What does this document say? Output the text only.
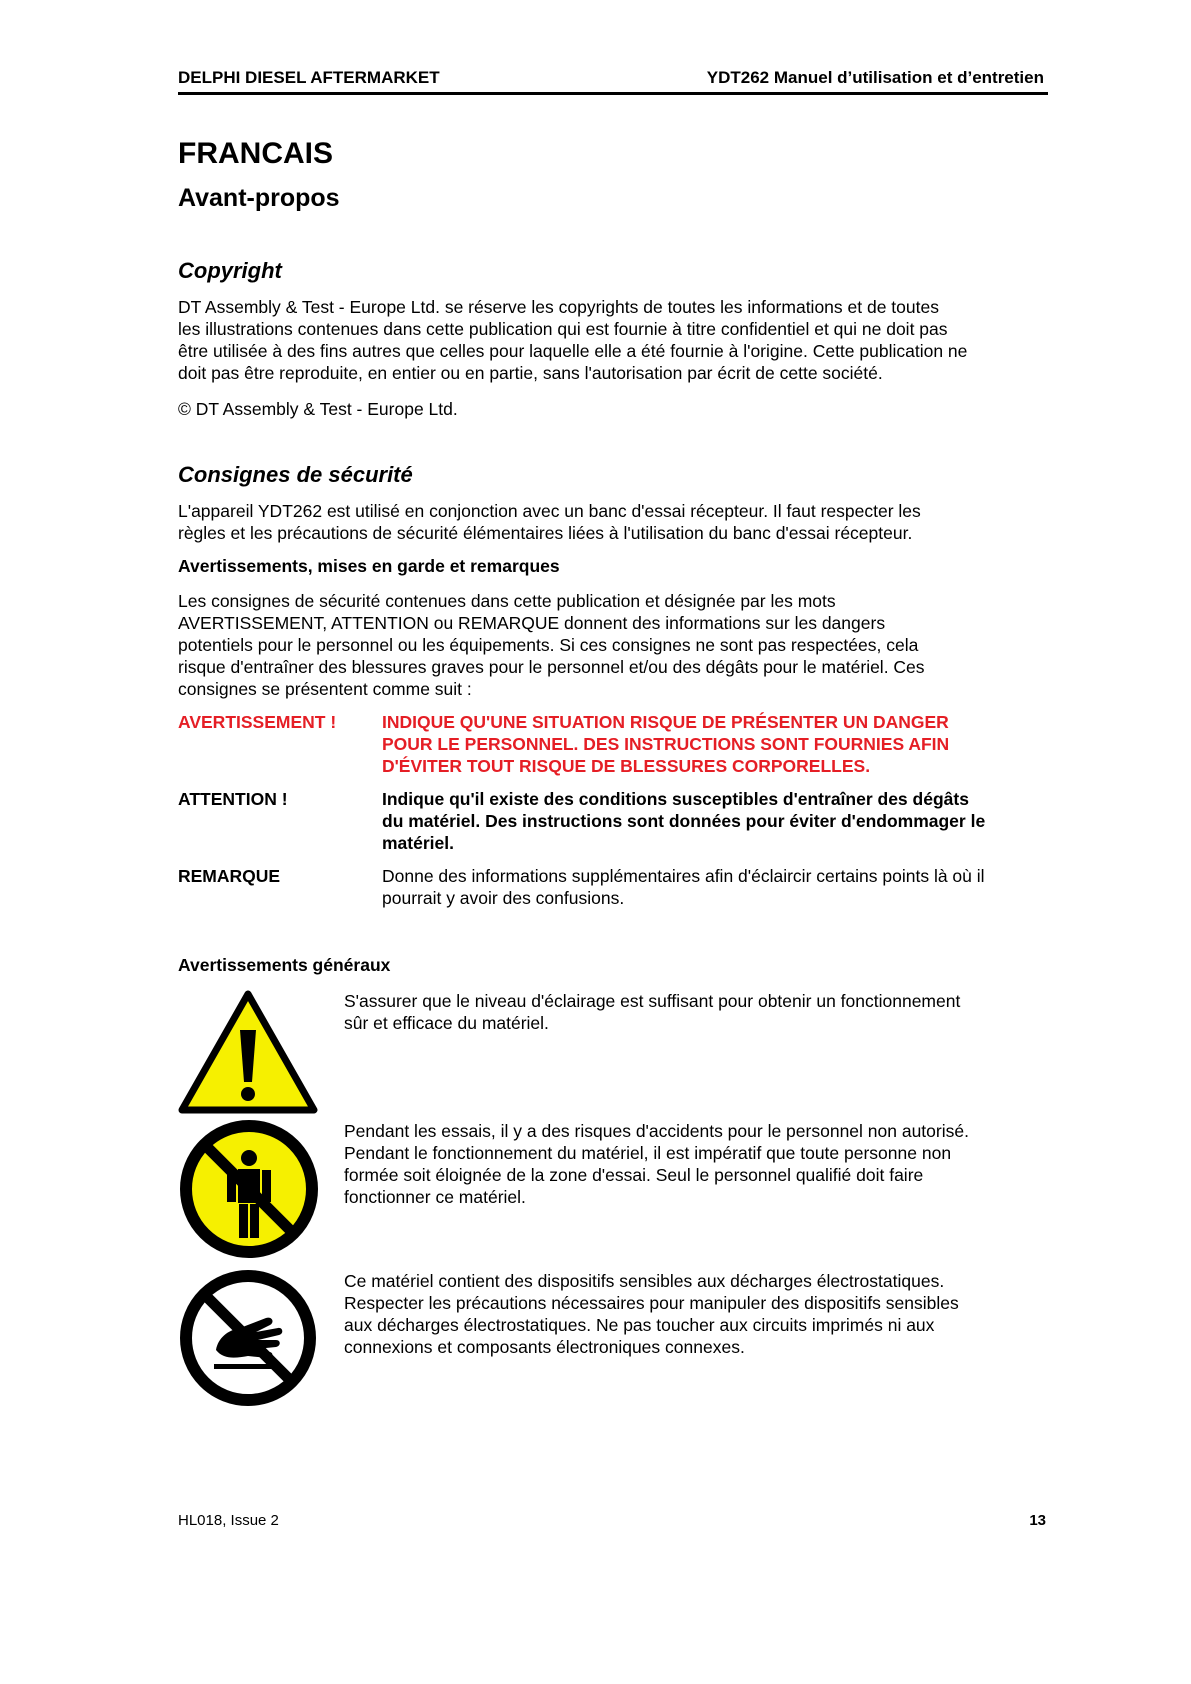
DELPHI DIESEL AFTERMARKET	YDT262 Manuel d’utilisation et d’entretien
FRANCAIS
Avant-propos
Copyright
DT Assembly & Test - Europe Ltd. se réserve les copyrights de toutes les informations et de toutes
les illustrations contenues dans cette publication qui est fournie à titre confidentiel et qui ne doit pas
être utilisée à des fins autres que celles pour laquelle elle a été fournie à l'origine. Cette publication ne
doit pas être reproduite, en entier ou en partie, sans l'autorisation par écrit de cette société.
© DT Assembly & Test - Europe Ltd.
Consignes de sécurité
L'appareil YDT262 est utilisé en conjonction avec un banc d'essai récepteur. Il faut respecter les
règles et les précautions de sécurité élémentaires liées à l'utilisation du banc d'essai récepteur.
Avertissements, mises en garde et remarques
Les consignes de sécurité contenues dans cette publication et désignée par les mots
AVERTISSEMENT, ATTENTION ou REMARQUE donnent des informations sur les dangers
potentiels pour le personnel ou les équipements. Si ces consignes ne sont pas respectées, cela
risque d'entraîner des blessures graves pour le personnel et/ou des dégâts pour le matériel. Ces
consignes se présentent comme suit :
AVERTISSEMENT !	INDIQUE QU'UNE SITUATION RISQUE DE PRÉSENTER UN DANGER
POUR LE PERSONNEL. DES INSTRUCTIONS SONT FOURNIES AFIN
D'ÉVITER TOUT RISQUE DE BLESSURES CORPORELLES.
ATTENTION !	Indique qu'il existe des conditions susceptibles d'entraîner des dégâts
du matériel. Des instructions sont données pour éviter d'endommager le
matériel.
REMARQUE	Donne des informations supplémentaires afin d'éclaircir certains points là où il
pourrait y avoir des confusions.
Avertissements généraux
S'assurer que le niveau d'éclairage est suffisant pour obtenir un fonctionnement
sûr et efficace du matériel.
Pendant les essais, il y a des risques d'accidents pour le personnel non autorisé.
Pendant le fonctionnement du matériel, il est impératif que toute personne non
formée soit éloignée de la zone d'essai. Seul le personnel qualifié doit faire
fonctionner ce matériel.
Ce matériel contient des dispositifs sensibles aux décharges électrostatiques.
Respecter les précautions nécessaires pour manipuler des dispositifs sensibles
aux décharges électrostatiques. Ne pas toucher aux circuits imprimés ni aux
connexions et composants électroniques connexes.
HL018, Issue 2	13
